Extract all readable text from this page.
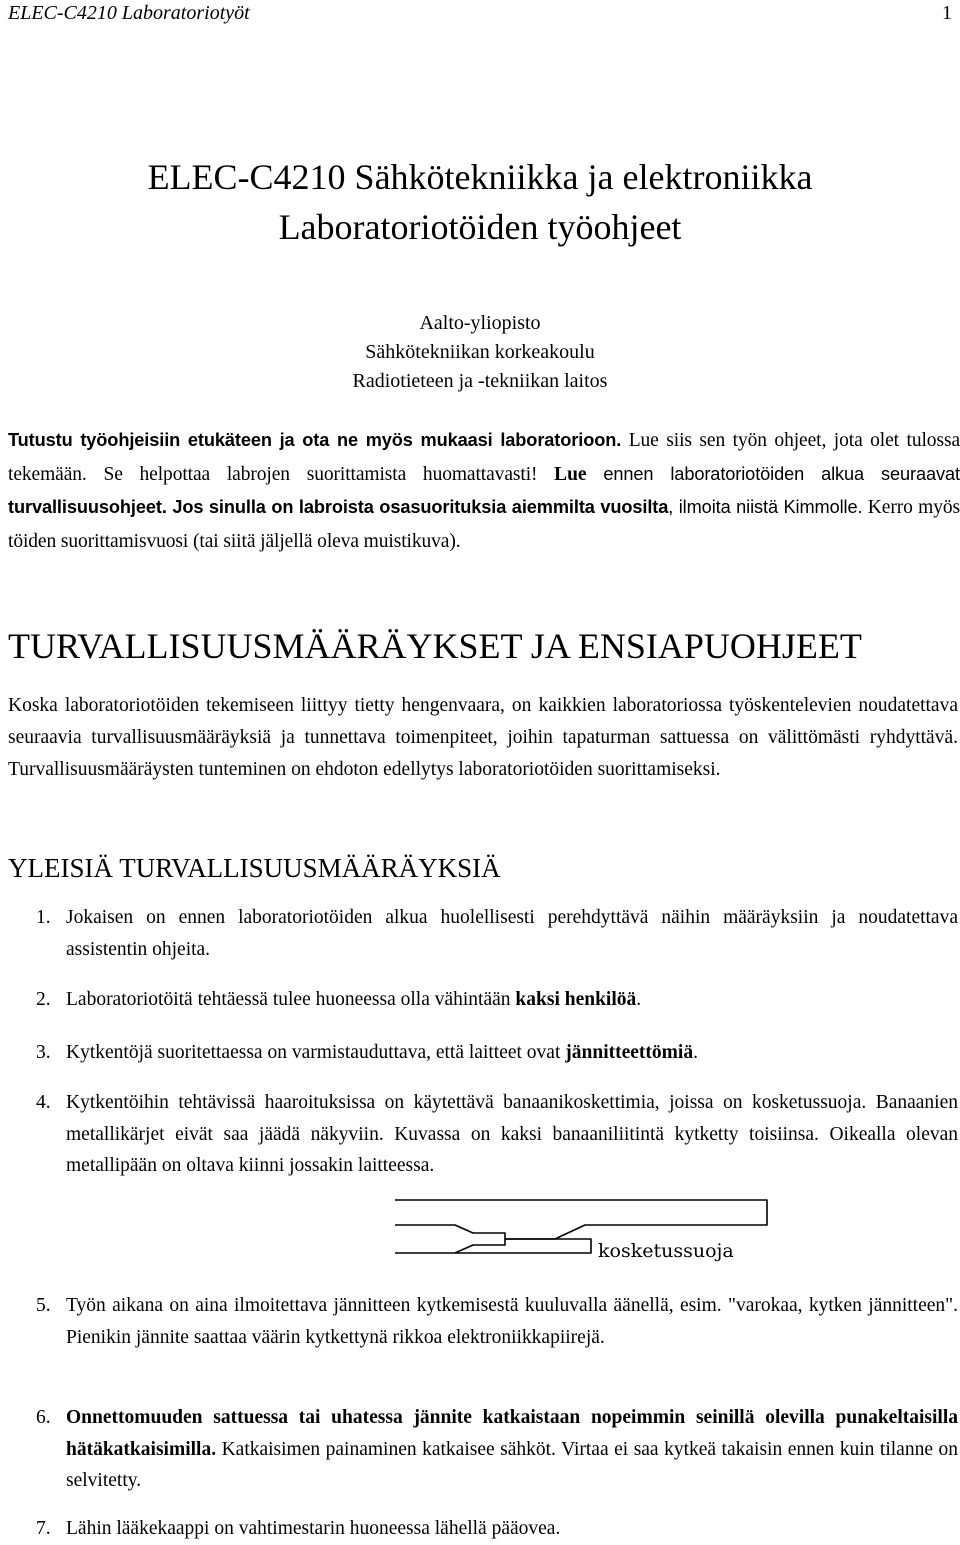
ELEC-C4210 Laboratoriotyöt	1
ELEC-C4210 Sähkötekniikka ja elektroniikka
Laboratoriotöiden työohjeet
Aalto-yliopisto
Sähkötekniikan korkeakoulu
Radiotieteen ja -tekniikan laitos
Tutustu työohjeisiin etukäteen ja ota ne myös mukaasi laboratorioon. Lue siis sen työn ohjeet, jota olet tulossa tekemään. Se helpottaa labrojen suorittamista huomattavasti! Lue ennen laboratoriotöiden alkua seuraavat turvallisuusohjeet. Jos sinulla on labroista osasuorituksia aiemmilta vuosilta, ilmoita niistä Kimmolle. Kerro myös töiden suorittamisvuosi (tai siitä jäljellä oleva muistikuva).
TURVALLISUUSMÄÄRÄYKSET JA ENSIAPUOHJEET
Koska laboratoriotöiden tekemiseen liittyy tietty hengenvaara, on kaikkien laboratoriossa työskentelevien noudatettava seuraavia turvallisuusmääräyksiä ja tunnettava toimenpiteet, joihin tapaturman sattuessa on välittömästi ryhdyttävä. Turvallisuusmääräysten tunteminen on ehdoton edellytys laboratoriotöiden suorittamiseksi.
YLEISIÄ TURVALLISUUSMÄÄRÄYKSIÄ
1. Jokaisen on ennen laboratoriotöiden alkua huolellisesti perehdyttävä näihin määräyksiin ja noudatettava assistentin ohjeita.
2. Laboratoriotöitä tehtäessä tulee huoneessa olla vähintään kaksi henkilöä.
3. Kytkentöjä suoritettaessa on varmistauduttava, että laitteet ovat jännitteettömiä.
4. Kytkentöihin tehtävissä haaroituksissa on käytettävä banaanikoskettimia, joissa on kosketussuoja. Banaanien metallikärjet eivät saa jäädä näkyviin. Kuvassa on kaksi banaaniliitintä kytketty toisiinsa. Oikealla olevan metallipään on oltava kiinni jossakin laitteessa.
5. Työn aikana on aina ilmoitettava jännitteen kytkemisestä kuuluvalla äänellä, esim. "varokaa, kytken jännitteen". Pienikin jännite saattaa väärin kytkettynä rikkoa elektroniikkapiirejä.
6. Onnettomuuden sattuessa tai uhatessa jännite katkaistaan nopeimmin seinillä olevilla punakeltaisilla hätäkatkaisimilla. Katkaisimen painaminen katkaisee sähköt. Virtaa ei saa kytkeä takaisin ennen kuin tilanne on selvitetty.
7. Lähin lääkekaappi on vahtimestarin huoneessa lähellä pääovea.
kosketussuoja
